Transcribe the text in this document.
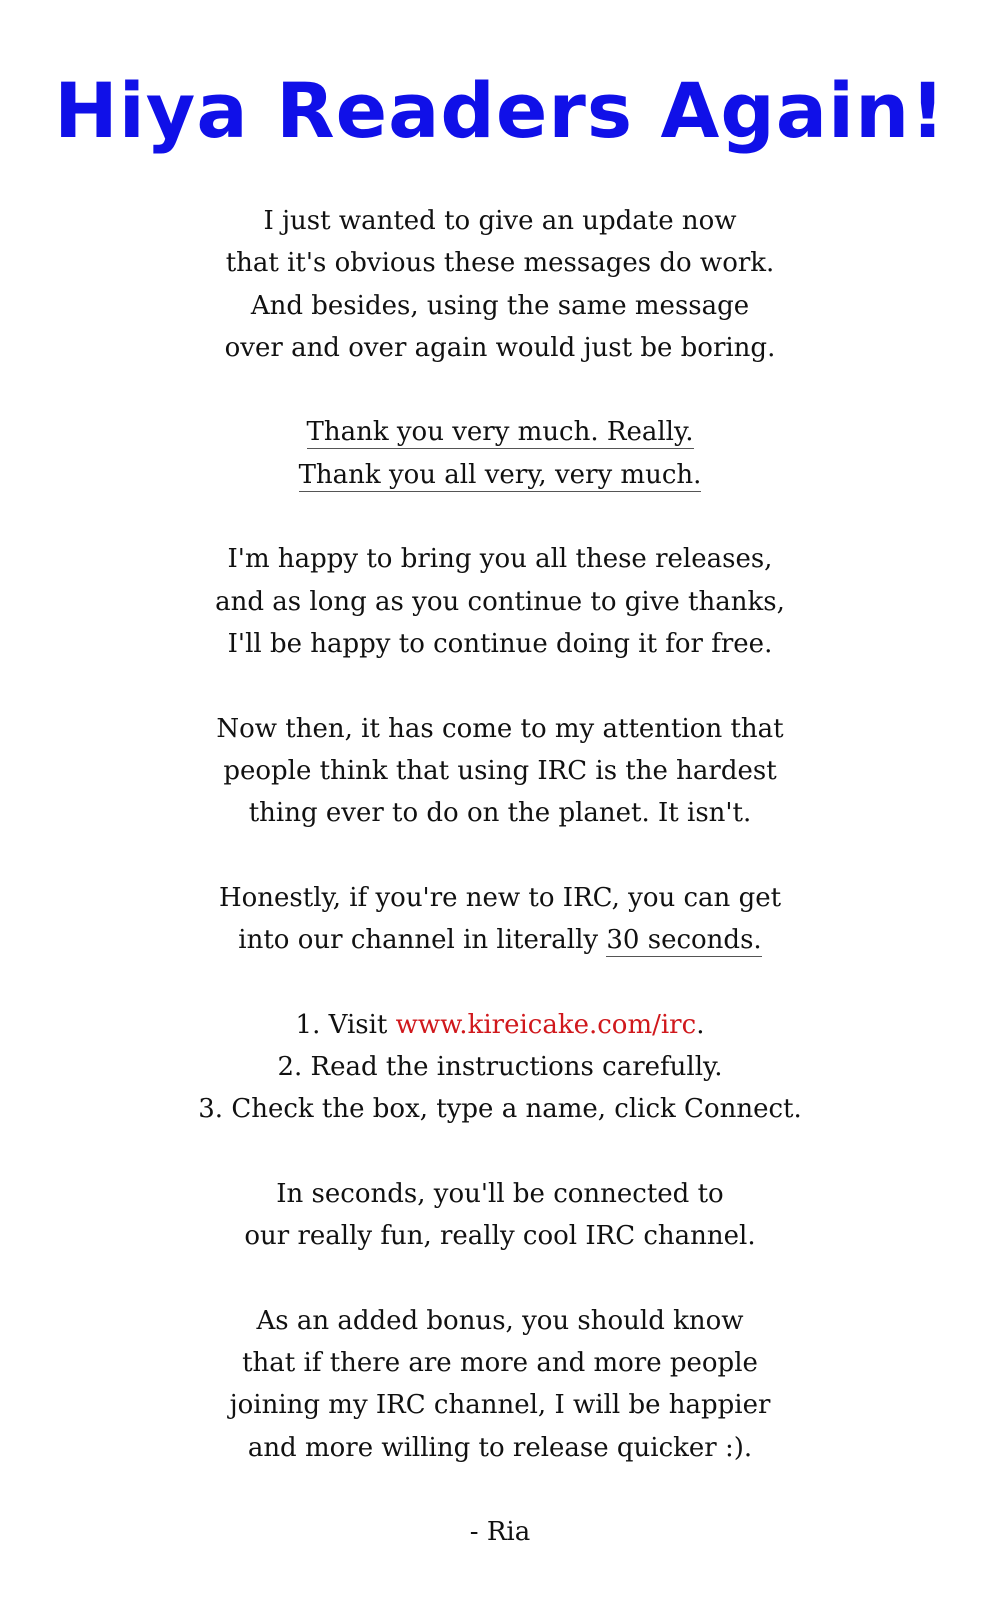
Hiya Readers Again!

I just wanted to give an update now
that it's obvious these messages do work.
And besides, using the same message
over and over again would just be boring.

Thank you very much. Really.
Thank you all very, very much.

I'm happy to bring you all these releases,
and as long as you continue to give thanks,
I'll be happy to continue doing it for free.

Now then, it has come to my attention that
people think that using IRC is the hardest
thing ever to do on the planet. It isn't.

Honestly, if you're new to IRC, you can get
into our channel in literally 30 seconds.

1. Visit www.kireicake.com/irc.
2. Read the instructions carefully.
3. Check the box, type a name, click Connect.

In seconds, you'll be connected to
our really fun, really cool IRC channel.

As an added bonus, you should know
that if there are more and more people
joining my IRC channel, I will be happier
and more willing to release quicker :).

- Ria
